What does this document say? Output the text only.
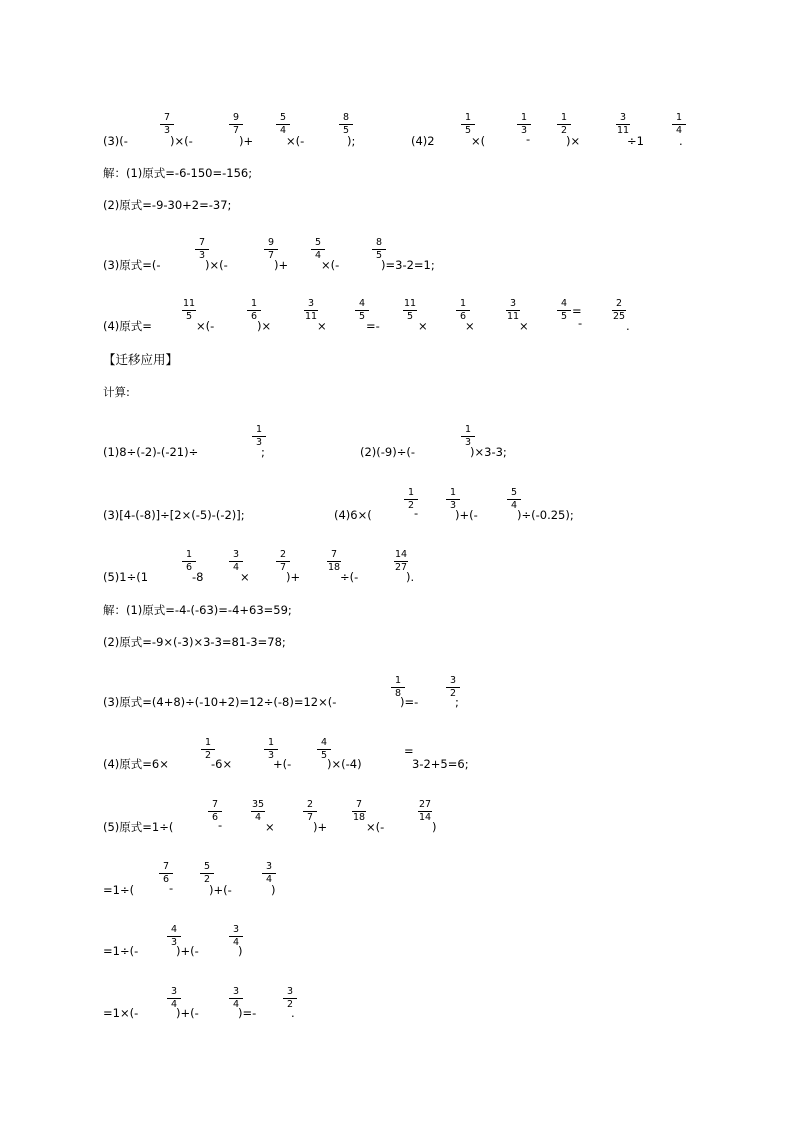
(3)(-
$\frac{7}{3}$
)×(-
$\frac{9}{7}$
)+
$\frac{5}{4}$
×(-
$\frac{8}{5}$
);	(4)2
$\frac{1}{5}$
×(
$\frac{1}{3}$
-
$\frac{1}{2}$
)×
$\frac{3}{11}$
÷1
$\frac{1}{4}$
.
解：(1)原式=-6-150=-156;
(2)原式=-9-30+2=-37;
(3)原式=(-
$\frac{7}{3}$
)×(-
$\frac{9}{7}$
)+
$\frac{5}{4}$
×(-
$\frac{8}{5}$
)=3-2=1;
(4)原式=
$\frac{11}{5}$
×(-
$\frac{1}{6}$
)×
$\frac{3}{11}$
×
$\frac{4}{5}$
=-
$\frac{11}{5}$
×
$\frac{1}{6}$
×
$\frac{3}{11}$
×
$\frac{4}{5}$ =
-
$\frac{2}{25}$
.
【迁移应用】
计算:
(1)8÷(-2)-(-21)÷
$\frac{1}{3}$
;	(2)(-9)÷(-
$\frac{1}{3}$
)×3-3;
(3)[4-(-8)]÷[2×(-5)-(-2)];	(4)6×(
$\frac{1}{2}$
-
$\frac{1}{3}$
)+(-
$\frac{5}{4}$
)÷(-0.25);
(5)1÷(1
$\frac{1}{6}$
-8
$\frac{3}{4}$
×
$\frac{2}{7}$
)+
$\frac{7}{18}$
÷(-
$\frac{14}{27}$
).
解：(1)原式=-4-(-63)=-4+63=59;
(2)原式=-9×(-3)×3-3=81-3=78;
(3)原式=(4+8)÷(-10+2)=12÷(-8)=12×(-
$\frac{1}{8}$
)=-
$\frac{3}{2}$
;
(4)原式=6×
$\frac{1}{2}$
-6×
$\frac{1}{3}$
+(-
$\frac{4}{5}$
)×(-4)
=
3-2+5=6;
(5)原式=1÷(
$\frac{7}{6}$
-
$\frac{35}{4}$
×
$\frac{2}{7}$
)+
$\frac{7}{18}$
×(-
$\frac{27}{14}$
)
=1÷(
$\frac{7}{6}$
-
$\frac{5}{2}$
)+(-
$\frac{3}{4}$
)
=1÷(-
$\frac{4}{3}$
)+(-
$\frac{3}{4}$
)
=1×(-
$\frac{3}{4}$
)+(-
$\frac{3}{4}$
)=-
$\frac{3}{2}$
.
